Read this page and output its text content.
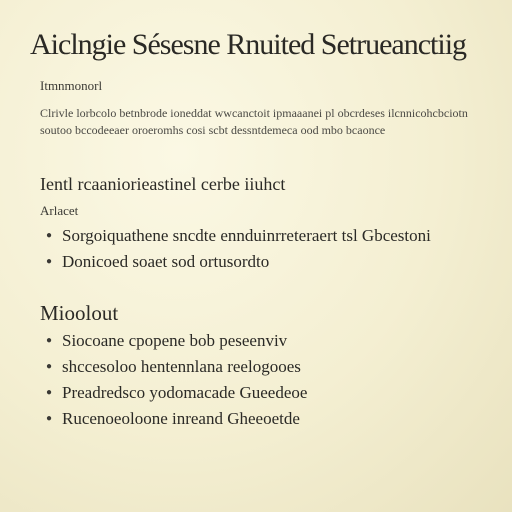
Aiclngie Sésesne Rnuited Setrueanctiig
Itmnmonorl

Clrivle lorbcolo betnbrode ioneddat wwcanctoit ipmaaanei pl obcrdeses ilcnnicohcbciotn soutoo bccodeeaer oroeromhs cosi scbt dessntdemeca ood mbo bcaonce

Ientl rcaaniorieastinel cerbe iiuhct
Arlacet
● Sorgoiquathene sncdte ennduinrreteraert tsl Gbcestoni
● Donicoed soaet sod ortusordto
Mioolout
● Siocoane cpopene bob peseenviv
● shccesoloo hentennlana reelogooes
● Preadredsco yodomacade Gueedeoe
● Rucenoeoloone inreand Gheeoetde
